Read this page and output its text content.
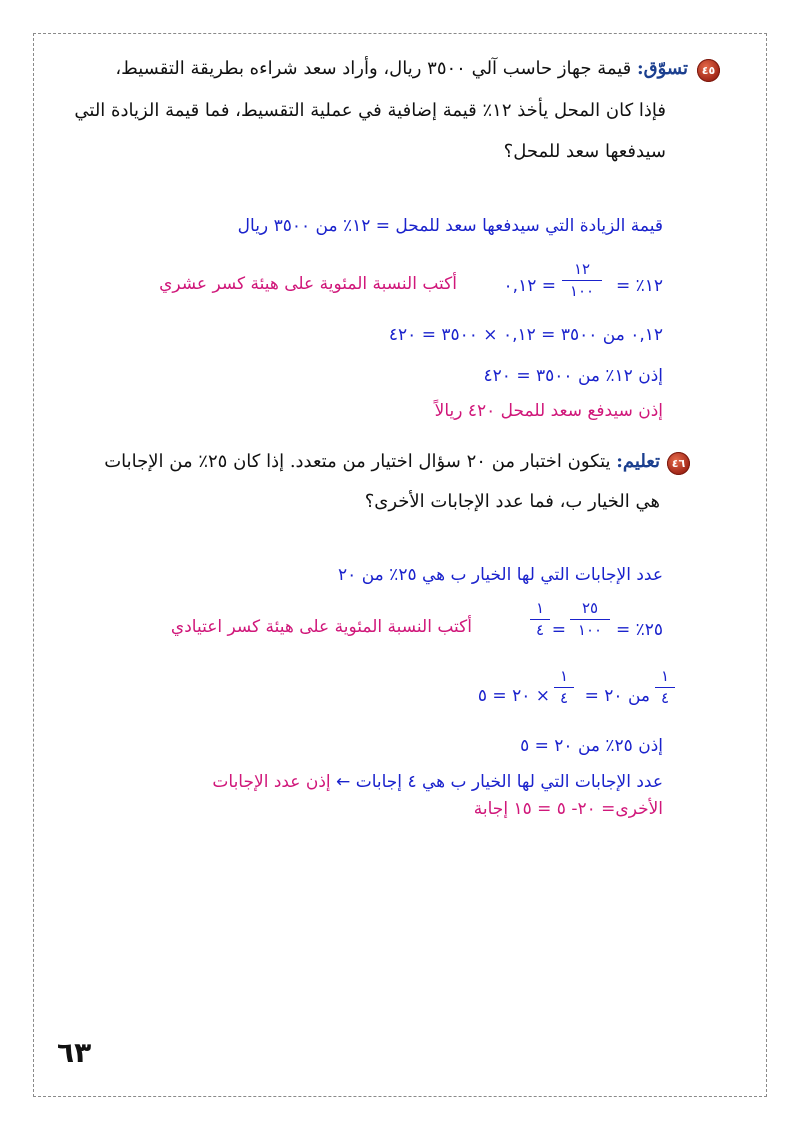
٤٥
تسوّق: قيمة جهاز حاسب آلي ٣٥٠٠ ريال، وأراد سعد شراءه بطريقة التقسيط،
فإذا كان المحل يأخذ ١٢٪ قيمة إضافية في عملية التقسيط، فما قيمة الزيادة التي
سيدفعها سعد للمحل؟
قيمة الزيادة التي سيدفعها سعد للمحل = ١٢٪ من ٣٥٠٠ ريال
١٢٪ =
١٢
١٠٠
= ٠,١٢
أكتب النسبة المئوية على هيئة كسر عشري
٠,١٢ من ٣٥٠٠ = ٠,١٢ × ٣٥٠٠ = ٤٢٠
إذن ١٢٪ من ٣٥٠٠ = ٤٢٠
إذن سيدفع سعد للمحل ٤٢٠ ريالاً
٤٦
تعليم: يتكون اختبار من ٢٠ سؤال اختيار من متعدد. إذا كان ٢٥٪ من الإجابات
هي الخيار ب، فما عدد الإجابات الأخرى؟
عدد الإجابات التي لها الخيار ب هي ٢٥٪ من ٢٠
٢٥٪ =
٢٥
١٠٠
=
١
٤
أكتب النسبة المئوية على هيئة كسر اعتيادي
١
٤
من ٢٠ =
١
٤
× ٢٠ = ٥
إذن ٢٥٪ من ٢٠ = ٥
عدد الإجابات التي لها الخيار ب هي ٤ إجابات ← إذن عدد الإجابات
الأخرى= ٢٠- ٥ = ١٥ إجابة
٦٣
